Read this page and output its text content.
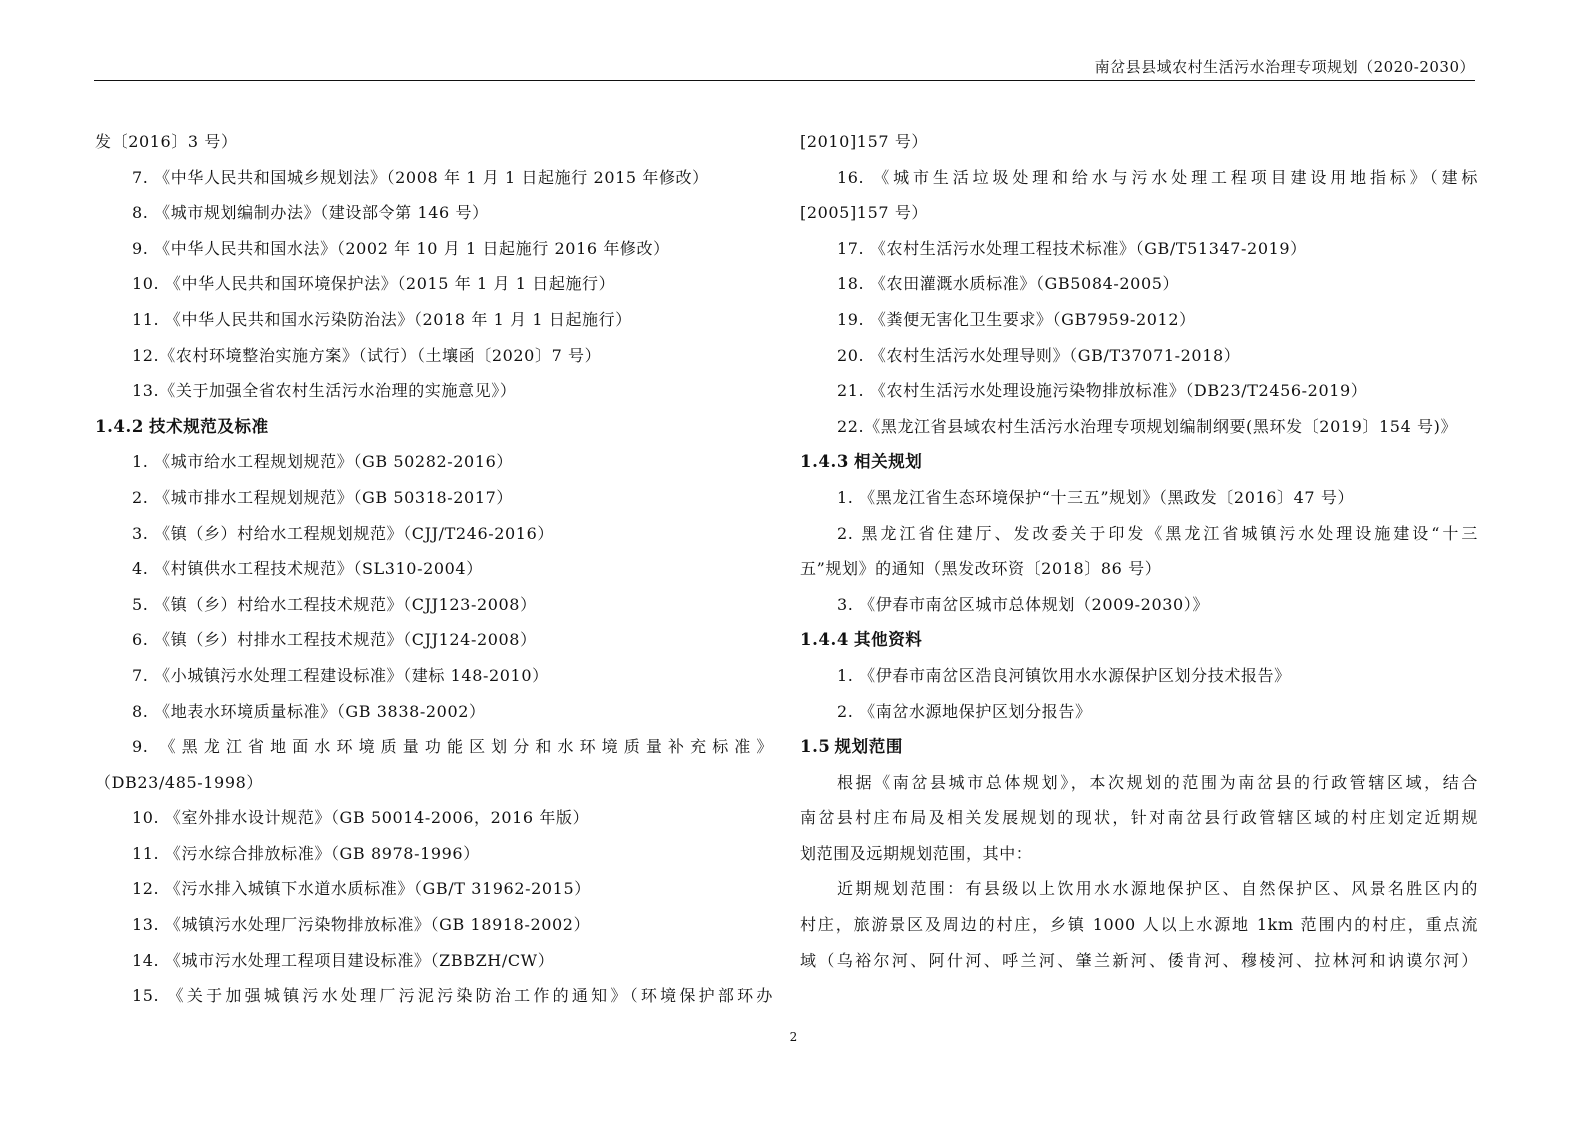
南岔县县域农村生活污水治理专项规划（2020-2030）
发〔2016〕3 号）
7. 《中华人民共和国城乡规划法》（2008 年 1 月 1 日起施行 2015 年修改）
8. 《城市规划编制办法》（建设部令第 146 号）
9. 《中华人民共和国水法》（2002 年 10 月 1 日起施行 2016 年修改）
10. 《中华人民共和国环境保护法》（2015 年 1 月 1 日起施行）
11. 《中华人民共和国水污染防治法》（2018 年 1 月 1 日起施行）
12.《农村环境整治实施方案》（试行）（土壤函〔2020〕7 号）
13.《关于加强全省农村生活污水治理的实施意见》）
1.4.2 技术规范及标准
1. 《城市给水工程规划规范》（GB 50282-2016）
2. 《城市排水工程规划规范》（GB 50318-2017）
3. 《镇（乡）村给水工程规划规范》（CJJ/T246-2016）
4. 《村镇供水工程技术规范》（SL310-2004）
5. 《镇（乡）村给水工程技术规范》（CJJ123-2008）
6. 《镇（乡）村排水工程技术规范》（CJJ124-2008）
7. 《小城镇污水处理工程建设标准》（建标 148-2010）
8. 《地表水环境质量标准》（GB 3838-2002）
9. 《黑龙江省地面水环境质量功能区划分和水环境质量补充标准》
（DB23/485-1998）
10. 《室外排水设计规范》（GB 50014-2006，2016 年版）
11. 《污水综合排放标准》（GB 8978-1996）
12. 《污水排入城镇下水道水质标准》（GB/T 31962-2015）
13. 《城镇污水处理厂污染物排放标准》（GB 18918-2002）
14. 《城市污水处理工程项目建设标准》（ZBBZH/CW）
15. 《关于加强城镇污水处理厂污泥污染防治工作的通知》（环境保护部环办
[2010]157 号）
16. 《城市生活垃圾处理和给水与污水处理工程项目建设用地指标》（建标
[2005]157 号）
17. 《农村生活污水处理工程技术标准》（GB/T51347-2019）
18. 《农田灌溉水质标准》（GB5084-2005）
19. 《粪便无害化卫生要求》（GB7959-2012）
20. 《农村生活污水处理导则》（GB/T37071-2018）
21. 《农村生活污水处理设施污染物排放标准》（DB23/T2456-2019）
22.《黑龙江省县域农村生活污水治理专项规划编制纲要(黑环发〔2019〕154 号)》
1.4.3 相关规划
1. 《黑龙江省生态环境保护“十三五”规划》（黑政发〔2016〕47 号）
2. 黑龙江省住建厅、发改委关于印发《黑龙江省城镇污水处理设施建设“十三
五”规划》的通知（黑发改环资〔2018〕86 号）
3. 《伊春市南岔区城市总体规划（2009-2030）》
1.4.4 其他资料
1. 《伊春市南岔区浩良河镇饮用水水源保护区划分技术报告》
2. 《南岔水源地保护区划分报告》
1.5 规划范围
根据《南岔县城市总体规划》，本次规划的范围为南岔县的行政管辖区域，结合
南岔县村庄布局及相关发展规划的现状，针对南岔县行政管辖区域的村庄划定近期规
划范围及远期规划范围，其中：
近期规划范围：有县级以上饮用水水源地保护区、自然保护区、风景名胜区内的
村庄，旅游景区及周边的村庄，乡镇 1000 人以上水源地 1km 范围内的村庄，重点流
域（乌裕尔河、阿什河、呼兰河、肇兰新河、倭肯河、穆棱河、拉林河和讷谟尔河）
2
